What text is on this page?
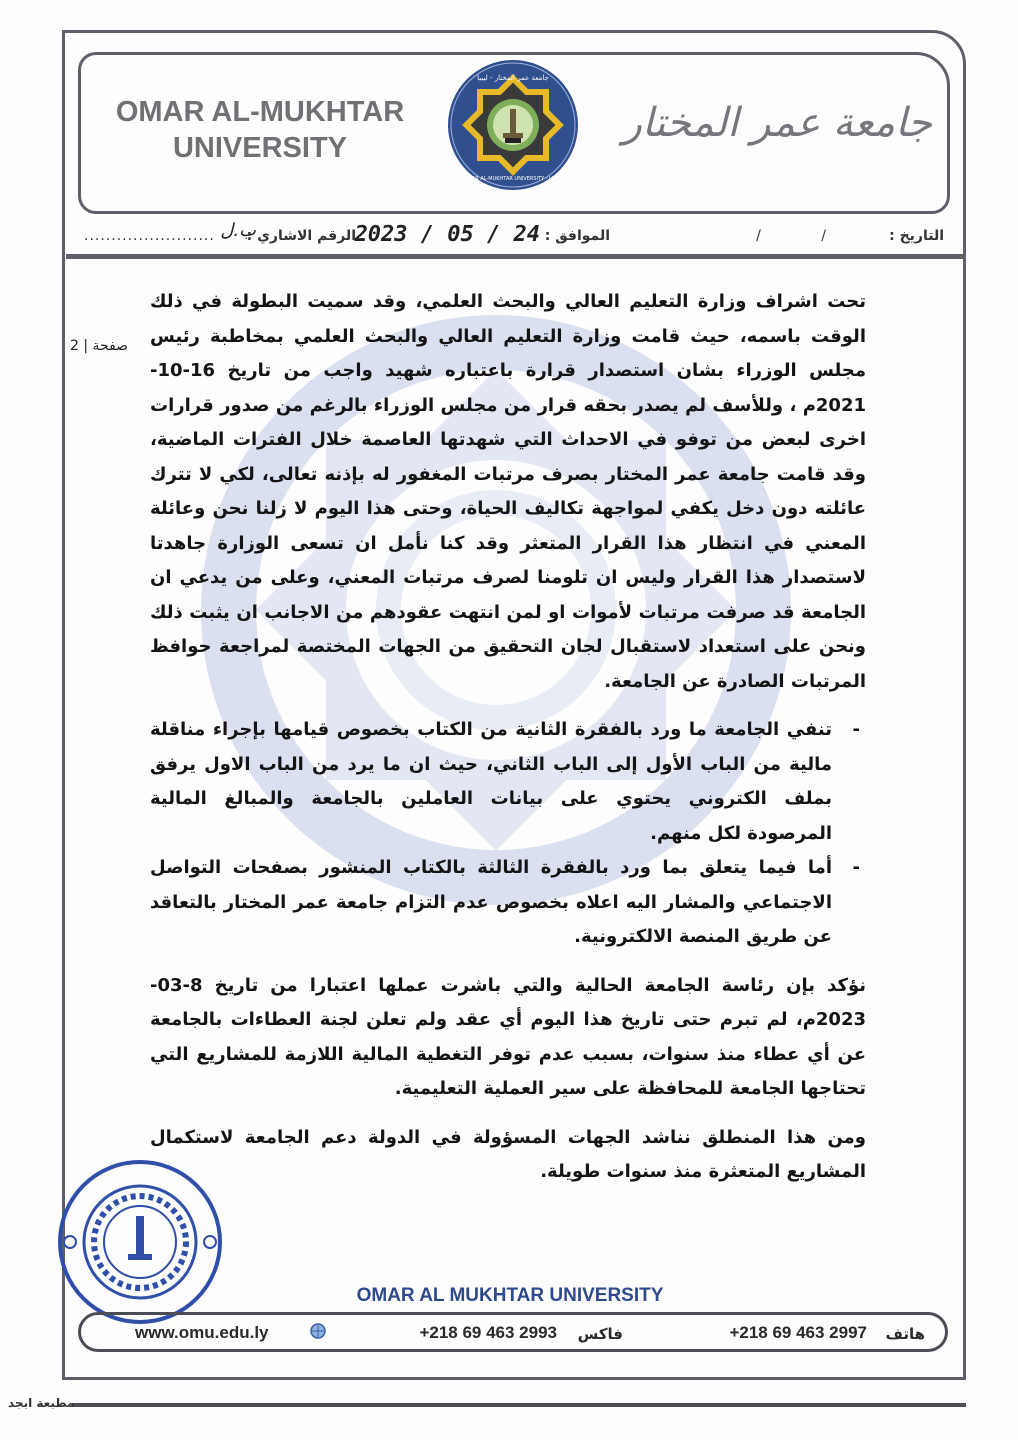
OMAR AL-MUKHTAR
UNIVERSITY
جامعة عمر المختار - ليبيا
OMAR AL-MUKHTAR UNIVERSITY · LIBYA
جامعة عمر المختار
التاريخ :
/ /
الموافق :
2023 / 05 / 24
الرقم الاشاري :
ب.ل
........................
صفحة | 2

تحت اشراف وزارة التعليم العالي والبحث العلمي، وقد سميت البطولة في ذلك الوقت باسمه، حيث قامت وزارة التعليم العالي والبحث العلمي بمخاطبة رئيس مجلس الوزراء بشان استصدار قرارة باعتباره شهيد واجب من تاريخ 16-10-2021م ، وللأسف لم يصدر بحقه قرار من مجلس الوزراء بالرغم من صدور قرارات اخرى لبعض من توفو في الاحداث التي شهدتها العاصمة خلال الفترات الماضية، وقد قامت جامعة عمر المختار بصرف مرتبات المغفور له بإذنه تعالى، لكي لا تترك عائلته دون دخل يكفي لمواجهة تكاليف الحياة، وحتى هذا اليوم لا زلنا نحن وعائلة المعني في انتظار هذا القرار المتعثر وقد كنا نأمل ان تسعى الوزارة جاهدتا لاستصدار هذا القرار وليس ان تلومنا لصرف مرتبات المعني، وعلى من يدعي ان الجامعة قد صرفت مرتبات لأموات او لمن انتهت عقودهم من الاجانب ان يثبت ذلك ونحن على استعداد لاستقبال لجان التحقيق من الجهات المختصة لمراجعة حوافظ المرتبات الصادرة عن الجامعة.

- تنفي الجامعة ما ورد بالفقرة الثانية من الكتاب بخصوص قيامها بإجراء مناقلة مالية من الباب الأول إلى الباب الثاني، حيث ان ما يرد من الباب الاول يرفق بملف الكتروني يحتوي على بيانات العاملين بالجامعة والمبالغ المالية المرصودة لكل منهم.
- أما فيما يتعلق بما ورد بالفقرة الثالثة بالكتاب المنشور بصفحات التواصل الاجتماعي والمشار اليه اعلاه بخصوص عدم التزام جامعة عمر المختار بالتعاقد عن طريق المنصة الالكترونية.

نؤكد بإن رئاسة الجامعة الحالية والتي باشرت عملها اعتبارا من تاريخ 8-03-2023م، لم تبرم حتى تاريخ هذا اليوم أي عقد ولم تعلن لجنة العطاءات بالجامعة عن أي عطاء منذ سنوات، بسبب عدم توفر التغطية المالية اللازمة للمشاريع التي تحتاجها الجامعة للمحافظة على سير العملية التعليمية.

ومن هذا المنطلق نناشد الجهات المسؤولة في الدولة دعم الجامعة لاستكمال المشاريع المتعثرة منذ سنوات طويلة.

OMAR AL MUKHTAR UNIVERSITY
هاتف
+218 69 463 2997
فاكس
+218 69 463 2993
www.omu.edu.ly
مطبعة ابجد
